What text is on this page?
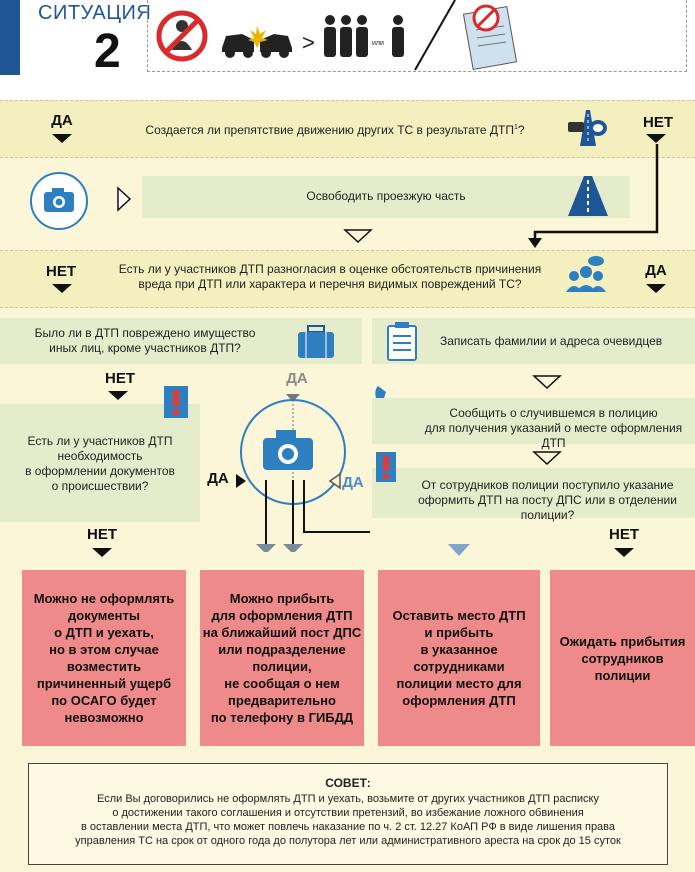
СИТУАЦИЯ
2	>	или
ДА
Создается ли препятствие движению других ТС в результате ДТП$^1$?	НЕТ
Освободить проезжую часть
НЕТ	Есть ли у участников ДТП разногласия в оценке обстоятельств причинения
вреда при ДТП или характера и перечня видимых повреждений ТС?
ДА
Было ли в ДТП повреждено имущество
иных лиц, кроме участников ДТП?	Записать фамилии и адреса очевидцев
НЕТ	ДА
Есть ли у участников ДТП
необходимость
в оформлении документов
о происшествии?	ДА	ДА
Сообщить о случившемся в полицию
для получения указаний о месте оформления ДТП
От сотрудников полиции поступило указание
оформить ДТП на посту ДПС или в отделении полиции?
НЕТ	НЕТ
Можно не оформлять
документы
о ДТП и уехать,
но в этом случае
возместить
причиненный ущерб
по ОСАГО будет
невозможно
Можно прибыть
для оформления ДТП
на ближайший пост ДПС
или подразделение
полиции,
не сообщая о нем
предварительно
по телефону в ГИБДД
Оставить место ДТП
и прибыть
в указанное
сотрудниками
полиции место для
оформления ДТП
Ожидать прибытия
сотрудников
полиции
СОВЕТ:
Если Вы договорились не оформлять ДТП и уехать, возьмите от других участников ДТП расписку
о достижении такого соглашения и отсутствии претензий, во избежание ложного обвинения
в оставлении места ДТП, что может повлечь наказание по ч. 2 ст. 12.27 КоАП РФ в виде лишения права
управления ТС на срок от одного года до полутора лет или административного ареста на срок до 15 суток
